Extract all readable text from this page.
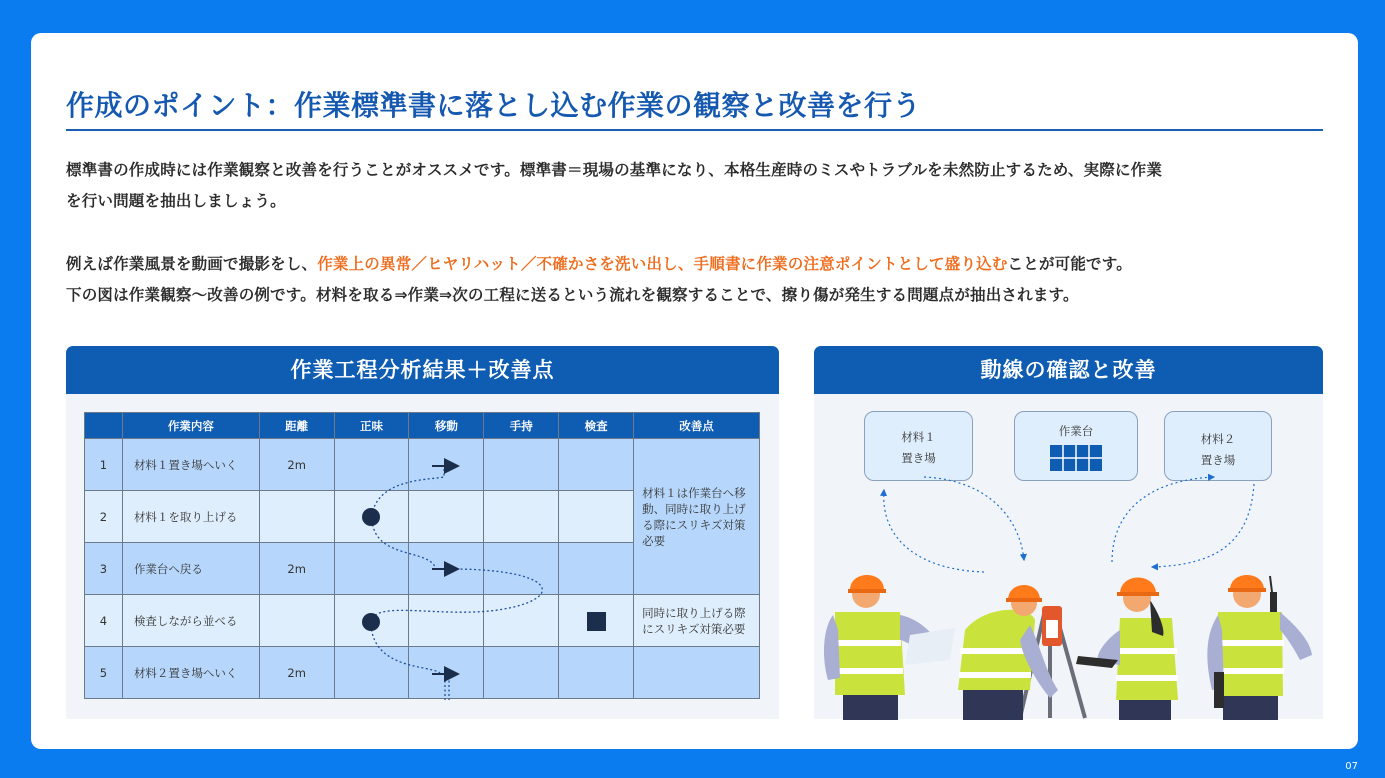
作成のポイント：作業標準書に落とし込む作業の観察と改善を行う
標準書の作成時には作業観察と改善を行うことがオススメです。標準書＝現場の基準になり、本格生産時のミスやトラブルを未然防止するため、実際に作業
を行い問題を抽出しましょう。
例えば作業風景を動画で撮影をし、作業上の異常／ヒヤリハット／不確かさを洗い出し、手順書に作業の注意ポイントとして盛り込むことが可能です。
下の図は作業観察〜改善の例です。材料を取る⇒作業⇒次の工程に送るという流れを観察することで、擦り傷が発生する問題点が抽出されます。
作業工程分析結果＋改善点
	作業内容	距離	正味	移動	手持	検査	改善点
1	材料１置き場へいく	2m					材料１は作業台へ移動、同時に取り上げる際にスリキズ対策必要
2	材料１を取り上げる						
3	作業台へ戻る	2m					
4	検査しながら並べる						同時に取り上げる際にスリキズ対策必要
5	材料２置き場へいく	2m					
動線の確認と改善
材料１
置き場
作業台
材料２
置き場
07
